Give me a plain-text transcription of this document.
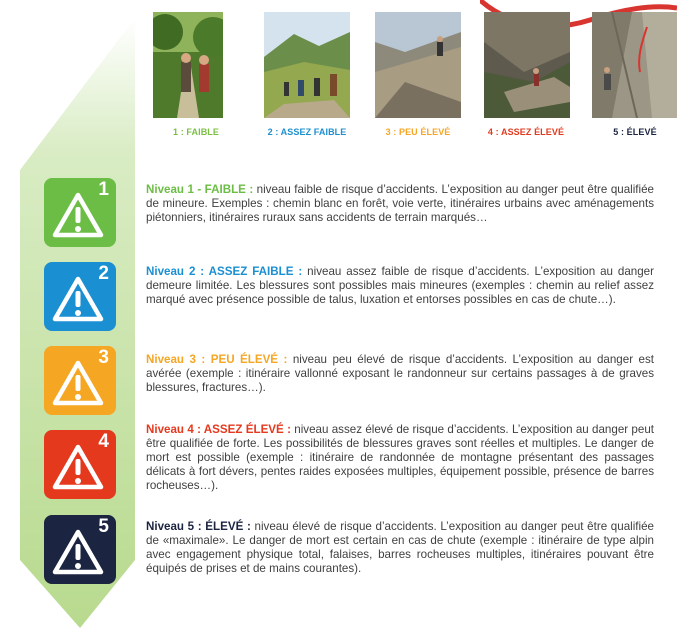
1 : FAIBLE	2 : ASSEZ FAIBLE	3 : PEU ÉLEVÉ	4 : ASSEZ ÉLEVÉ	5 : ÉLEVÉ
1
2
3
4
5
Niveau 1 - FAIBLE : niveau faible de risque d’accidents. L’exposition au danger peut être qualifiée de mineure. Exemples : chemin blanc en forêt, voie verte, itinéraires urbains avec aménagements piétonniers, itinéraires ruraux sans accidents de terrain marqués…
Niveau 2 : ASSEZ FAIBLE : niveau assez faible de risque d’accidents. L’exposition au danger demeure limitée. Les blessures sont possibles mais mineures (exemples : chemin au relief assez marqué avec présence possible de talus, luxation et entorses possibles en cas de chute…).
Niveau 3 : PEU ÉLEVÉ : niveau peu élevé de risque d’accidents. L’exposition au danger est avérée (exemple : itinéraire vallonné exposant le randonneur sur certains passages à de graves blessures, fractures…).
Niveau 4 : ASSEZ ÉLEVÉ : niveau assez élevé de risque d’accidents. L’exposition au danger peut être qualifiée de forte. Les possibilités de blessures graves sont réelles et multiples. Le danger de mort est possible (exemple : itinéraire de randonnée de montagne présentant des passages délicats à fort dévers, pentes raides exposées multiples, équipement possible, présence de barres rocheuses…).
Niveau 5 : ÉLEVÉ : niveau élevé de risque d’accidents. L’exposition au danger peut être qualifiée de «maximale». Le danger de mort est certain en cas de chute (exemple : itinéraire de type alpin avec engagement physique total, falaises, barres rocheuses multiples, itinéraires pouvant être équipés de prises et de mains courantes).
